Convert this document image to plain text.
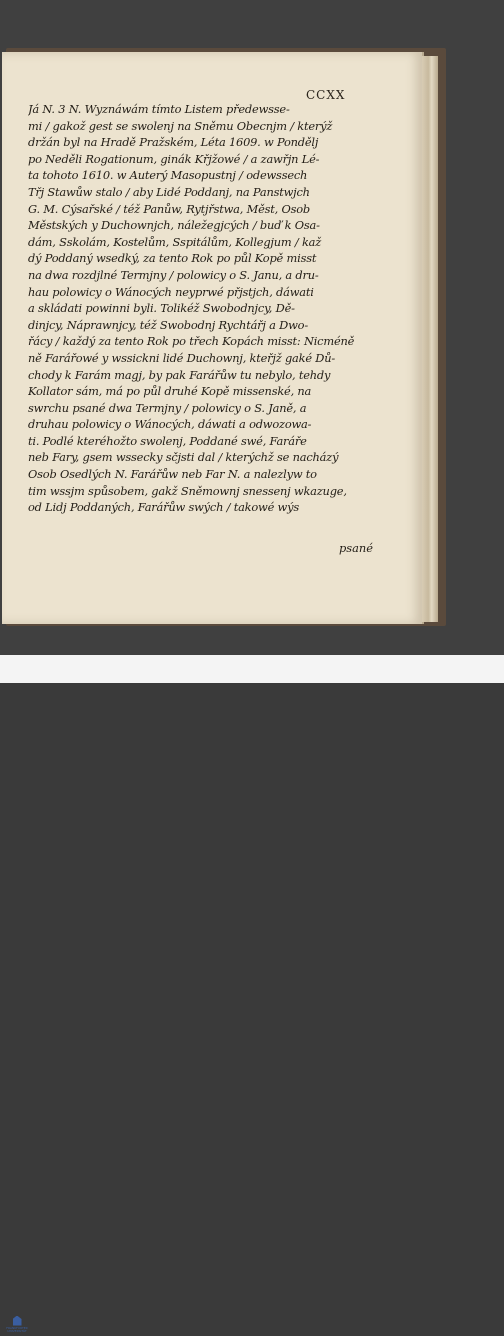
CCXX
Já N. 3 N. Wyznáwám tímto Listem předewsse-
mi / gakož gest se swolenj na Sněmu Obecnjm / kterýž
držán byl na Hradě Pražském, Léta 1609. w Pondělj
po Neděli Rogationum, ginák Křjžowé / a zawřjn Lé-
ta tohoto 1610. w Auterý Masopustnj / odewssech
Třj Stawůw stalo / aby Lidé Poddanj, na Panstwjch
G. M. Cýsařské / též Panůw, Rytjřstwa, Měst, Osob
Městských y Duchownjch, náležegjcých / buď k Osa-
dám, Sskolám, Kostelům, Sspitálům, Kollegjum / kaž
dý Poddaný wsedký, za tento Rok po půl Kopě misst
na dwa rozdjlné Termjny / polowicy o S. Janu, a dru-
hau polowicy o Wánocých neyprwé přjstjch, dáwati
a skládati powinni byli. Tolikéž Swobodnjcy, Dě-
dinjcy, Náprawnjcy, též Swobodnj Rychtářj a Dwo-
řácy / každý za tento Rok po třech Kopách misst: Nicméně
ně Farářowé y wssickni lidé Duchownj, kteřjž gaké Dů-
chody k Farám magj, by pak Farářůw tu nebylo, tehdy
Kollator sám, má po půl druhé Kopě missenské, na
swrchu psané dwa Termjny / polowicy o S. Janě, a
druhau polowicy o Wánocých, dáwati a odwozowa-
ti. Podlé kteréhožto swolenj, Poddané swé, Faráře
neb Fary, gsem wssecky sčjsti dal / kterýchž se nacházý
Osob Osedlých N. Farářůw neb Far N. a nalezlyw to
tim wssjm spůsobem, gakž Sněmownj snessenj wkazuge,
od Lidj Poddaných, Farářůw swých / takowé wýs
psané
FRANKFURTER UNIVERSITÄT
